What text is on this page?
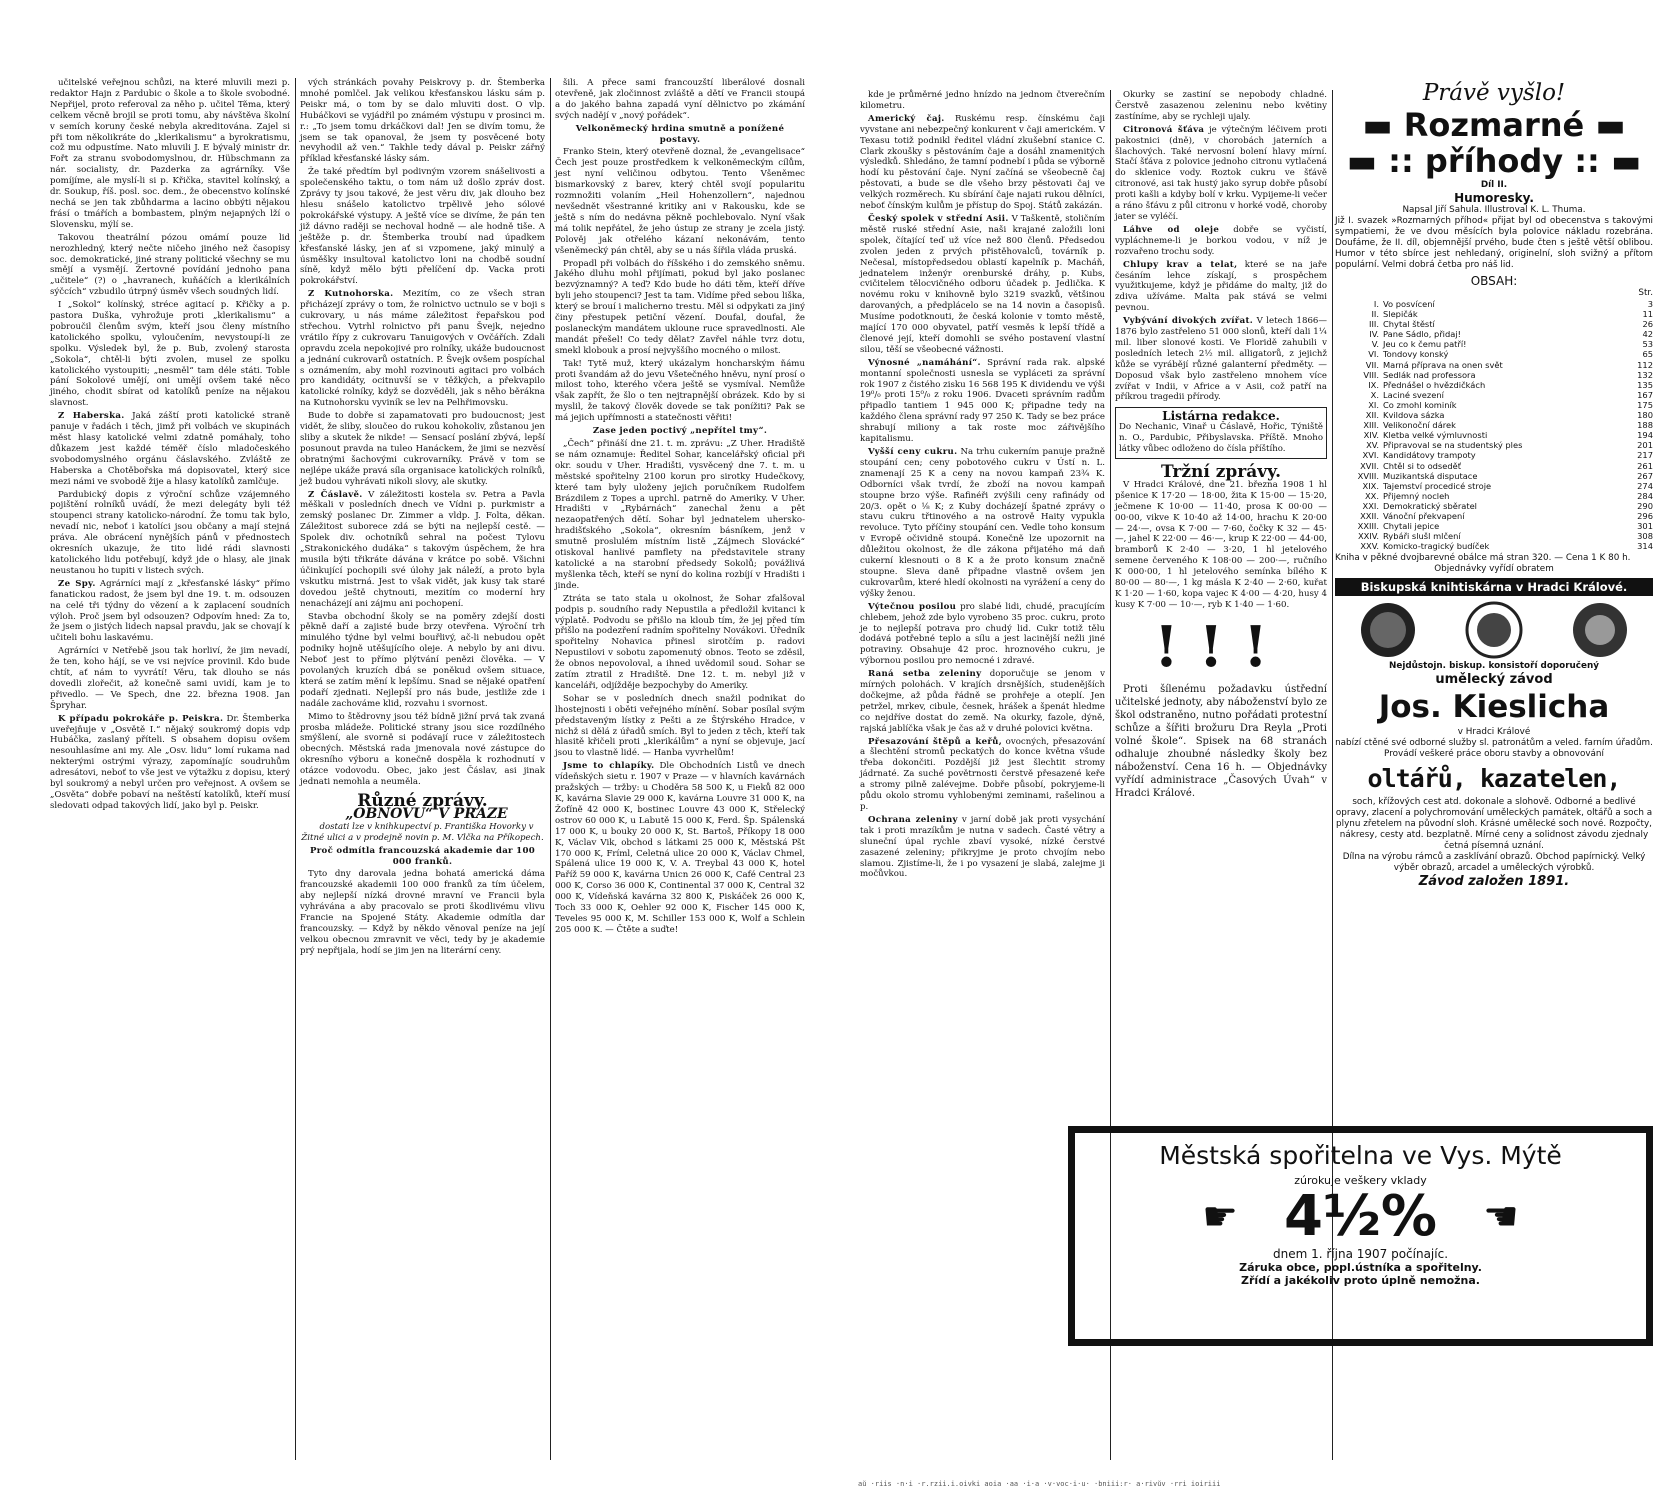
učitelské veřejnou schůzi, na které mluvili mezi p. redaktor Hajn z Pardubic o škole a to škole svobodné. Nepřijel, proto referoval za něho p. učitel Těma, který celkem věcně brojil se proti tomu, aby návštěva školní v semích koruny české nebyla akreditována. Zajel si při tom několikráte do „klerikalismu“ a byrokratismu, což mu odpustíme. Nato mluvili J. E bývalý ministr dr. Fořt za stranu svobodomyslnou, dr. Hübschmann za nár. socialisty, dr. Pazderka za agrárníky. Vše pomíjíme, ale myslí-li si p. Křička, stavitel kolínský, a dr. Soukup, říš. posl. soc. dem., že obecenstvo kolínské nechá se jen tak zbůhdarma a lacino obbýti nějakou frásí o tmářích a bombastem, plným nejapných lží o Slovensku, mýlí se.

Takovou theatrální pózou omámí pouze lid nerozhledný, který nečte ničeho jiného než časopisy soc. demokratické, jiné strany politické všechny se mu smějí a vysmějí. Žertovné povídání jednoho pana „učitele“ (?) o „havranech, kuňáčích a klerikálních sýčcích“ vzbudilo útrpný úsměv všech soudných lidí.

I „Sokol“ kolínský, stréce agitací p. Křičky a p. pastora Duška, vyhrožuje proti „klerikalismu“ a pobroučil členům svým, kteří jsou členy místního katolického spolku, vyloučením, nevystoupí-li ze spolku. Výsledek byl, že p. Bub, zvolený starosta „Sokola“, chtěl-li býti zvolen, musel ze spolku katolického vystoupiti; „nesměl“ tam déle státi. Toble pání Sokolové umějí, oni umějí ovšem také něco jiného, chodit sbírat od katolíků peníze na nějakou slavnost.

Z Haberska. Jaká záští proti katolické straně panuje v řadách i těch, jimž při volbách ve skupinách měst hlasy katolické velmi zdatně pomáhaly, toho důkazem jest každé téměř číslo mladočeského svobodomyslného orgánu čáslavského. Zvláště ze Haberska a Chotěbořska má dopisovatel, který sice mezi námi ve svobodě žije a hlasy katolíků zamlčuje.

Pardubický dopis z výroční schůze vzájemného pojištění rolníků uvádí, že mezi delegáty byli též stoupenci strany katolicko-národní. Že tomu tak bylo, nevadí nic, neboť i katolíci jsou občany a mají stejná práva. Ale obrácení nynějších pánů v přednostech okresních ukazuje, že tito lidé rádi slavnosti katolického lidu potřebují, když jde o hlasy, ale jinak neustanou ho tupiti v listech svých.

Ze Spy. Agrárníci mají z „křesťanské lásky“ přímo fanatickou radost, že jsem byl dne 19. t. m. odsouzen na celé tři týdny do vězení a k zaplacení soudních výloh. Proč jsem byl odsouzen? Odpovím hned: Za to, že jsem o jistých lidech napsal pravdu, jak se chovají k učiteli bohu laskavému.

Agrárníci v Netřebě jsou tak horliví, že jim nevadí, že ten, koho hájí, se ve vsi nejvíce provinil. Kdo bude chtít, ať nám to vyvrátí! Věru, tak dlouho se nás dovedli zlořečit, až konečně sami uvidí, kam je to přivedlo. — Ve Spech, dne 22. března 1908. Jan Špryhar.

K případu pokrokáře p. Peiskra. Dr. Štemberka uveřejňuje v „Osvětě I.“ nějaký soukromý dopis vdp Hubáčka, zaslaný příteli. S obsahem dopisu ovšem nesouhlasíme ani my. Ale „Osv. lidu“ lomí rukama nad nekterými ostrými výrazy, zapomínajíc soudruhům adresátovi, neboť to vše jest ve výtažku z dopisu, který byl soukromý a nebyl určen pro veřejnost. A ovšem se „Osvěta“ dobře pobaví na neštěstí katolíků, kteří musí sledovati odpad takových lidí, jako byl p. Peiskr.

vých stránkách povahy Peiskrovy p. dr. Štemberka mnohé pomlčel. Jak velikou křesťanskou lásku sám p. Peiskr má, o tom by se dalo mluviti dost. O vlp. Hubáčkovi se vyjádřil po známém výstupu v prosinci m. r.: „To jsem tomu drkáčkovi dal! Jen se divím tomu, že jsem se tak opanoval, že jsem ty posvěcené boty nevyhodil až ven.“ Takhle tedy dával p. Peiskr zářný příklad křesťanské lásky sám.

Že také předtím byl podivným vzorem snášelivosti a společenského taktu, o tom nám už došlo zpráv dost. Zprávy ty jsou takové, že jest věru div, jak dlouho bez hlesu snášelo katolictvo trpělivě jeho sólové pokrokářské výstupy. A ještě více se divíme, že pán ten již dávno raději se nechoval hodně — ale hodně tiše. A ještěže p. dr. Štemberka troubí nad úpadkem křesťanské lásky, jen ať si vzpomene, jaký minulý a úsměšky insultoval katolictvo loni na chodbě soudní síně, když mělo býti přelíčení dp. Vacka proti pokrokářství.

Z Kutnohorska. Mezitím, co ze všech stran přicházejí zprávy o tom, že rolnictvo uctnulo se v boji s cukrovary, u nás máme záležitost řepařskou pod střechou. Vytrhl rolnictvo při panu Švejk, nejedno vrátilo řípy z cukrovaru Tanuigových v Ovčářích. Zdali opravdu zcela nepokojivé pro rolníky, ukáže budoucnost a jednání cukrovarů ostatních. P. Švejk ovšem pospíchal s oznámením, aby mohl rozvinouti agitaci pro volbách pro kandidáty, ocitnuvší se v těžkých, a překvapilo katolické rolníky, když se dozvěděli, jak s něho běrákna na Kutnohorsku vyviník se lev na Pelhřimovsku.

Bude to dobře si zapamatovati pro budoucnost; jest vidět, že sliby, sloučeo do rukou kohokoliv, zůstanou jen sliby a skutek že nikde! — Sensací poslání zbývá, lepší posunout pravda na tuleo Hanáckem, že jimi se nezvěsí obratnými šachovými cukrovarníky. Právě v tom se nejlépe ukáže pravá síla organisace katolických rolníků, jež budou vyhrávati nikoli slovy, ale skutky.

Z Čáslavě. V záležitosti kostela sv. Petra a Pavla měškali v posledních dnech ve Vídni p. purkmistr a zemský poslanec Dr. Zimmer a vldp. J. Folta, děkan. Záležitost suborece zdá se býti na nejlepší cestě. — Spolek div. ochotníků sehral na počest Tylovu „Strakonického dudáka“ s takovým úspěchem, že hra musila býti třikráte dávána v krátce po sobě. Všichni účinkující pochopili své úlohy jak náleží, a proto byla vskutku mistrná. Jest to však vidět, jak kusy tak staré dovedou ještě chytnouti, mezitím co moderní hry nenacházejí ani zájmu ani pochopení.

Stavba obchodní školy se na poměry zdejší dosti pěkně daří a zajisté bude brzy otevřena. Výroční trh minulého týdne byl velmi bouřlivý, ač-li nebudou opět podniky hojně utěšujícího oleje. A nebylo by ani divu. Neboť jest to přímo plýtvání penězi člověka. — V povolaných kruzích dbá se poněkud ovšem situace, která se zatím mění k lepšímu. Snad se nějaké opatření podaří zjednati. Nejlepší pro nás bude, jestliže zde i nadále zachováme klid, rozvahu i svornost.

Mimo to štědrovny jsou též bídně jižní prvá tak zvaná prosba mládeže. Politické strany jsou sice rozdílného smýšlení, ale svorně si podávají ruce v záležitostech obecných. Městská rada jmenovala nové zástupce do okresního výboru a konečně dospěla k rozhodnutí v otázce vodovodu. Obec, jako jest Čáslav, asi jinak jednati nemohla a neuměla.

Různé zprávy.

„OBNOVU“ V PRAZE

dostati lze v knihkupectví p. Františka Hovorky v Žitné ulici a v prodejně novin p. M. Vlčka na Příkopech.

Proč odmítla francouzská akademie dar 100 000 franků.

Tyto dny darovala jedna bohatá americká dáma francouzské akademii 100 000 franků za tím účelem, aby nejlepší nízká drovné mravní ve Francii byla vyhrávána a aby pracovalo se proti škodlivému vlivu Francie na Spojené Státy. Akademie odmítla dar francouzsky. — Když by někdo věnoval peníze na její velkou obecnou zmravnit ve věci, tedy by je akademie prý nepřijala, hodí se jim jen na literární ceny.

šili. A přece sami francouzští liberálové dosnali otevřeně, jak zločinnost zvláště a dětí ve Francii stoupá a do jakého bahna zapadá vyní dělnictvo po zkámání svých nadějí v „nový pořádek“.

Velkoněmecký hrdina smutně a ponížené postavy.

Franko Stein, který otevřeně doznal, že „evangelisace“ Čech jest pouze prostředkem k velkoněmeckým cílům, jest nyní veličinou odbytou. Tento Všeněmec bismarkovský z barev, který chtěl svojí popularitu rozmnožiti volaním „Heil Hohenzollern“, najednou nevšednět všestranné kritiky ani v Rakousku, kde se ještě s ním do nedávna pěkně pochlebovalo. Nyní však má tolik nepřátel, že jeho ústup ze strany je zcela jistý. Polověj jak otřelého kázaní nekonávám, tento všeněmecký pán chtěl, aby se u nás šířila vláda pruská.

Propadl při volbách do říšského i do zemského sněmu. Jakého dluhu mohl přijímati, pokud byl jako poslanec bezvýznamný? A teď? Kdo bude ho dáti těm, kteří dříve byli jeho stoupenci? Jest ta tam. Vidíme před sebou liška, který se brouí i malicherno trestu. Měl si odpykati za jiný činy přestupek petiční vězení. Doufal, doufal, že poslaneckým mandátem ukloune ruce spravedlnosti. Ale mandát přešel! Co tedy dělat? Zavřel náhle tvrz dotu, smekl klobouk a prosí nejvyššího mocného o milost.

Tak! Tytě muž, který ukázalym honcharským ňámu proti švandám až do jevu Všetečného hněvu, nyní prosí o milost toho, kterého včera ještě se vysmíval. Nemůže však zapřít, že šlo o ten nejtrapnější obrázek. Kdo by si myslil, že takový člověk dovede se tak ponížiti? Pak se má jejich upřímnosti a statečnosti věřiti!

Zase jeden poctivý „nepřítel tmy“.

„Čech“ přináší dne 21. t. m. zprávu: „Z Uher. Hradiště se nám oznamuje: Ředitel Sohar, kancelářský oficial při okr. soudu v Uher. Hradišti, vysvěcený dne 7. t. m. u městské spořitelny 2100 korun pro sirotky Hudečkovy, které tam byly uloženy jejich poručníkem Rudolfem Brázdilem z Topes a uprchl. patrně do Ameriky. V Uher. Hradišti v „Rybárnách“ zanechal ženu a pět nezaopatřených dětí. Sohar byl jednatelem uhersko-hradišťského „Sokola“, okresním básníkem, jenž v smutně proslulém místním listě „Zájmech Slovácké“ otiskoval hanlivé pamflety na představitele strany katolické a na starobní předsedy Sokolů; povážlivá myšlenka těch, kteří se nyní do kolina rozbíjí v Hradišti i jinde.

Ztráta se tato stala u okolnost, že Sohar zfalšoval podpis p. soudního rady Nepustila a předložil kvitanci k výplatě. Podvodu se přišlo na kloub tím, že jej před tím přišlo na podezření radním spořitelny Novákovi. Úředník spořitelny Nohavica přinesl sirotčím p. radovi Nepustilovi v sobotu zapomenutý obnos. Teoto se zděsil, že obnos nepovoloval, a ihned uvědomil soud. Sohar se zatím ztratil z Hradiště. Dne 12. t. m. nebyl již v kanceláři, odjížděje bezpochyby do Ameriky.

Sohar se v posledních dnech snažil podnikat do lhostejnosti i oběti veřejného mínění. Sobar posílal svým představeným lístky z Pešti a ze Štýrského Hradce, v nichž si dělá z úřadů smích. Byl to jeden z těch, kteří tak hlasitě křičeli proti „klerikálům“ a nyní se objevuje, jací jsou to vlastně lidé. — Hanba vyvrhelům!

Jsme to chlapíky. Dle Obchodních Listů ve dnech vídeňských sietu r. 1907 v Praze — v hlavních kavárnách pražských — tržby: u Choděra 58 500 K, u Fieků 82 000 K, kavárna Slavie 29 000 K, kavárna Louvre 31 000 K, na Žofíně 42 000 K, bostinec Louvre 43 000 K, Střelecký ostrov 60 000 K, u Labutě 15 000 K, Ferd. Šp. Spálenská 17 000 K, u bouky 20 000 K, St. Bartoš, Příkopy 18 000 K, Václav Vik, obchod s látkami 25 000 K, Městská Pšt 170 000 K, Fríml, Celetná ulice 20 000 K, Václav Chmel, Spálená ulice 19 000 K, V. A. Treybal 43 000 K, hotel Paříž 59 000 K, kavárna Unicn 26 000 K, Café Central 23 000 K, Corso 36 000 K, Continental 37 000 K, Central 32 000 K, Vídeňská kavárna 32 800 K, Piskáček 26 000 K, Toch 33 000 K, Oehler 92 000 K, Fischer 145 000 K, Teveles 95 000 K, M. Schiller 153 000 K, Wolf a Schlein 205 000 K. — Čtěte a suďte!

kde je průměrné jedno hnízdo na jednom čtverečním kilometru.

Americký čaj. Ruskému resp. čínskému čaji vyvstane ani nebezpečný konkurent v čaji americkém. V Texasu totiž podnikl ředitel vládní zkušební stanice C. Clark zkoušky s pěstováním čaje a dosáhl znamenitých výsledků. Shledáno, že tamní podnebí i půda se výborně hodí ku pěstování čaje. Nyní začíná se všeobecně čaj pěstovati, a bude se dle všeho brzy pěstovati čaj ve velkých rozměrech. Ku sbírání čaje najati rukou dělníci, neboť čínským kulům je přístup do Spoj. Států zakázán.

Český spolek v střední Asii. V Taškentě, stoličním městě ruské střední Asie, naši krajané založili loni spolek, čítající teď už více než 800 členů. Předsedou zvolen jeden z prvých přistěhovalců, továrník p. Nečesal, místopředsedou oblastí kapelník p. Macháň, jednatelem inženýr orenburské dráhy, p. Kubs, cvičitelem tělocvičného odboru účadek p. Jedlička. K novému roku v knihovně bylo 3219 svazků, většinou darovaných, a předplácelo se na 14 novin a časopisů. Musíme podotknouti, že česká kolonie v tomto městě, mající 170 000 obyvatel, patří vesměs k lepší třídě a členové její, kteří domohli se svého postavení vlastní silou, těší se všeobecné vážnosti.

Výnosné „namáhání“. Správní rada rak. alpské montanní společnosti usnesla se vypláceti za správní rok 1907 z čistého zisku 16 568 195 K dividendu ve výši 19⁰/₀ proti 15⁰/₀ z roku 1906. Dvaceti správním radům připadlo tantiem 1 945 000 K; připadne tedy na každého člena správní rady 97 250 K. Tady se bez práce shrabují miliony a tak roste moc zářivějšího kapitalismu.

Vyšší ceny cukru. Na trhu cukerním panuje pražně stoupání cen; ceny pobotového cukru v Ústí n. L. znamenají 25 K a ceny na novou kampaň 23¾ K. Odborníci však tvrdí, že zboží na novou kampaň stoupne brzo výše. Rafinéři zvýšili ceny rafinády od 20/3. opět o ⅛ K; z Kuby docházejí špatné zprávy o stavu cukru třtinového a na ostrově Haity vypukla revoluce. Tyto příčiny stoupání cen. Vedle toho konsum v Evropě očividně stoupá. Konečně lze upozornit na důležitou okolnost, že dle zákona přijatého má daň cukerní klesnouti o 8 K a že proto konsum značně stoupne. Sleva daně připadne vlastně ovšem jen cukrovarům, které hledí okolnosti na vyrážení a ceny do výšky ženou.

Výtečnou posilou pro slabé lidi, chudé, pracujícím chlebem, jehož zde bylo vyrobeno 35 proc. cukru, proto je to nejlepší potrava pro chudý lid. Cukr totiž tělu dodává potřebné teplo a sílu a jest lacinější nežli jiné potraviny. Obsahuje 42 proc. hroznového cukru, je výbornou posilou pro nemocné i zdravé.

Raná setba zeleniny doporučuje se jenom v mírných polohách. V krajích drsnějších, studenějších dočkejme, až půda řádně se prohřeje a oteplí. Jen petržel, mrkev, cibule, česnek, hrášek a špenát hledme co nejdříve dostat do země. Na okurky, fazole, dýně, rajská jablíčka však je čas až v druhé polovici května.

Přesazování štěpů a keřů, ovocných, přesazování a šlechtění stromů peckatých do konce května všude třeba dokončiti. Pozdější již jest šlechtit stromy jádrnaté. Za suché povětrnosti čerstvě přesazené keře a stromy pilně zalévejme. Dobře působí, pokryjeme-li půdu okolo stromu vyhlobenými zeminami, rašelinou a p.

Ochrana zeleniny v jarní době jak proti vysychání tak i proti mrazíkům je nutna v sadech. Časté větry a sluneční úpal rychle zbaví vysoké, nízké čerstvé zasazené zeleniny; přikryjme je proto chvojím nebo slamou. Zjistíme-li, že i po vysazení je slabá, zalejme ji močůvkou.

Okurky se zastiní se nepobody chladné. Čerstvě zasazenou zeleninu nebo květiny zastíníme, aby se rychleji ujaly.

Citronová šťáva je výtečným léčivem proti pakostnici (dně), v chorobách jaterních a šlachových. Také nervosní bolení hlavy mírní. Stačí šťáva z polovice jednoho citronu vytlačená do sklenice vody. Roztok cukru ve šťávě citronové, asi tak hustý jako syrup dobře působí proti kašli a kdyby bolí v krku. Vypijeme-li večer a ráno šťávu z půl citronu v horké vodě, choroby jater se vyléčí.

Láhve od oleje dobře se vyčistí, vypláchneme-li je borkou vodou, v níž je rozvařeno trochu sody.

Chlupy krav a telat, které se na jaře česáním lehce získají, s prospěchem využitkujeme, když je přidáme do malty, již do zdiva užíváme. Malta pak stává se velmi pevnou.

Vybývání divokých zvířat. V letech 1866—1876 bylo zastřeleno 51 000 slonů, kteří dali 1¼ mil. liber slonové kosti. Ve Floridě zahubili v posledních letech 2½ mil. alligatorů, z jejichž kůže se vyrábějí různé galanterní předměty. — Doposud však bylo zastřeleno mnohem více zvířat v Indii, v Africe a v Asii, což patří na příkrou tragedii přírody.

Listárna redakce.
Do Nechanic, Vinař u Čáslavě, Hořic, Týniště n. O., Pardubic, Přibyslavska. Příště. Mnoho látky vůbec odloženo do čísla příštího.
Tržní zprávy.

V Hradci Králové, dne 21. března 1908 1 hl pšenice K 17·20 — 18·00, žita K 15·00 — 15·20, ječmene K 10·00 — 11·40, prosa K 00·00 — 00·00, vikve K 10·40 až 14·00, hrachu K 20·00 — 24·—, ovsa K 7·00 — 7·60, čočky K 32 — 45·—, jahel K 22·00 — 46·—, krup K 22·00 — 44·00, bramborů K 2·40 — 3·20, 1 hl jetelového semene červeného K 108·00 — 200·—, ručního K 000·00, 1 hl jetelového semínka bílého K 80·00 — 80·—, 1 kg másla K 2·40 — 2·60, kuřat K 1·20 — 1·60, kopa vajec K 4·00 — 4·20, husy 4 kusy K 7·00 — 10·—, ryb K 1·40 — 1·60.

!!!

Proti šílenému požadavku ústřední učitelské jednoty, aby náboženství bylo ze škol odstraněno, nutno pořádati protestní schůze a šířiti brožuru Dra Reyla „Proti volné škole“. Spisek na 68 stranách odhaluje zhoubné následky školy bez náboženství. Cena 16 h. — Objednávky vyřídí administrace „Časových Úvah“ v Hradci Králové.

Právě vyšlo!
▬ Rozmarné ▬
▬ :: příhody :: ▬
Díl II.
Humoresky.
Napsal Jiří Sahula. Illustroval K. L. Thuma.
Již I. svazek »Rozmarných příhod« přijat byl od obecenstva s takovými sympatiemi, že ve dvou měsících byla polovice nákladu rozebrána. Doufáme, že II. díl, objemnější prvého, bude čten s ještě větší oblibou. Humor v této sbírce jest nehledaný, originelní, sloh svižný a přítom populární. Velmi dobrá četba pro náš lid.
OBSAH:
Str.
I.	Vo posvícení	3
II.	Slepičák	11
III.	Chytal štěstí	26
IV.	Pane Sádlo, přidaj!	42
V.	Jeu co k čemu patří!	53
VI.	Tondovy konský	65
VII.	Marná příprava na onen svět	112
VIII.	Sedlák nad professora	132
IX.	Přednášel o hvězdičkách	135
X.	Laciné svezení	167
XI.	Co zmohl kominík	175
XII.	Kvildova sázka	180
XIII.	Velikonoční dárek	188
XIV.	Kletba velké výmluvnosti	194
XV.	Připravoval se na studentský ples	201
XVI.	Kandidátovy trampoty	217
XVII.	Chtěl si to odseděť	261
XVIII.	Muzikantská disputace	267
XIX.	Tajemství procedicé stroje	274
XX.	Přijemný nocleh	284
XXI.	Demokratický sběratel	290
XXII.	Vánoční překvapení	296
XXIII.	Chytali jepice	301
XXIV.	Rybáři slušl mlčení	308
XXV.	Komicko-tragický budíček	314
Kniha v pěkné dvojbarevné obálce má stran 320. — Cena 1 K 80 h.
Objednávky vyřídí obratem
Biskupská knihtiskárna v Hradci Králové.
Nejdůstojn. biskup. konsistoří doporučený
umělecký závod
Jos. Kieslicha
v Hradci Králové
nabízí ctěné své odborné služby sl. patronátům a veled. farním úřadům. Provádí veškeré práce oboru stavby a obnovování
oltářů, kazatelen,
soch, křížových cest atd. dokonale a slohově. Odborné a bedlivé opravy, zlacení a polychromování uměleckých památek, oltářů a soch a plynu zřetelem na původní sloh. Krásné umělecké soch nové. Rozpočty, nákresy, cesty atd. bezplatně. Mírné ceny a solidnost závodu zjednaly četná písemná uznání.
Dílna na výrobu rámců a zasklívání obrazů. Obchod papírnický. Velký výběr obrazů, arcadel a uměleckých výrobků.
Závod založen 1891.
Městská spořitelna ve Vys. Mýtě
zúrokuje veškery vklady
☛ 4½% ☚
dnem 1. října 1907 počínajíc.
Záruka obce, popl.ústníka a spořitelny.
Zřídí a jakékoliv proto úplně nemožna.
aŭ ·riis ·n·i ·r.rzii.i.oivki aoia ·aa ·i·a ·v·voc·i·u· ·bniii:r· a·rivŭv ·rri ioiriii
